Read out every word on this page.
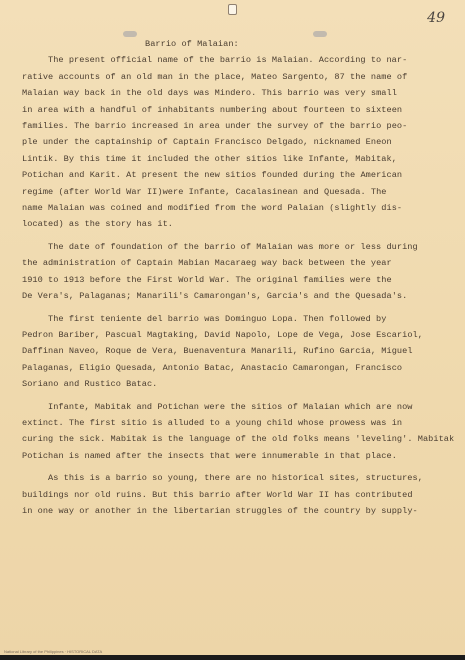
49
Barrio of Malaian:
The present official name of the barrio is Malaian. According to nar-
rative accounts of an old man in the place, Mateo Sargento, 87 the name of
Malaian way back in the old days was Mindero. This barrio was very small
in area with a handful of inhabitants numbering about fourteen to sixteen
families. The barrio increased in area under the survey of the barrio peo-
ple under the captainship of Captain Francisco Delgado, nicknamed Eneon
Lintik. By this time it included the other sitios like Infante, Mabitak,
Potichan and Karit. At present the new sitios founded during the American
regime (after World War II)were Infante, Cacalasinean and Quesada. The
name Malaian was coined and modified from the word Palaian (slightly dis-
located) as the story has it.
The date of foundation of the barrio of Malaian was more or less during
the administration of Captain Mabian Macaraeg way back between the year
1910 to 1913 before the First World War. The original families were the
De Vera's, Palaganas; Manarili's Camarongan's, Garcia's and the Quesada's.
The first teniente del barrio was Dominguo Lopa. Then followed by
Pedron Bariber, Pascual Magtaking, David Napolo, Lope de Vega, Jose Escariol,
Daffinan Naveo, Roque de Vera, Buenaventura Manarili, Rufino Garcia, Miguel
Palaganas, Eligio Quesada, Antonio Batac, Anastacio Camarongan, Francisco
Soriano and Rustico Batac.
Infante, Mabitak and Potichan were the sitios of Malaian which are now
extinct. The first sitio is alluded to a young child whose prowess was in
curing the sick. Mabitak is the language of the old folks means 'leveling'. Mabitak
Potichan is named after the insects that were innumerable in that place.
As this is a barrio so young, there are no historical sites, structures,
buildings nor old ruins. But this barrio after World War II has contributed
in one way or another in the libertarian struggles of the country by supply-
National Library of the Philippines · HISTORICAL DATA
